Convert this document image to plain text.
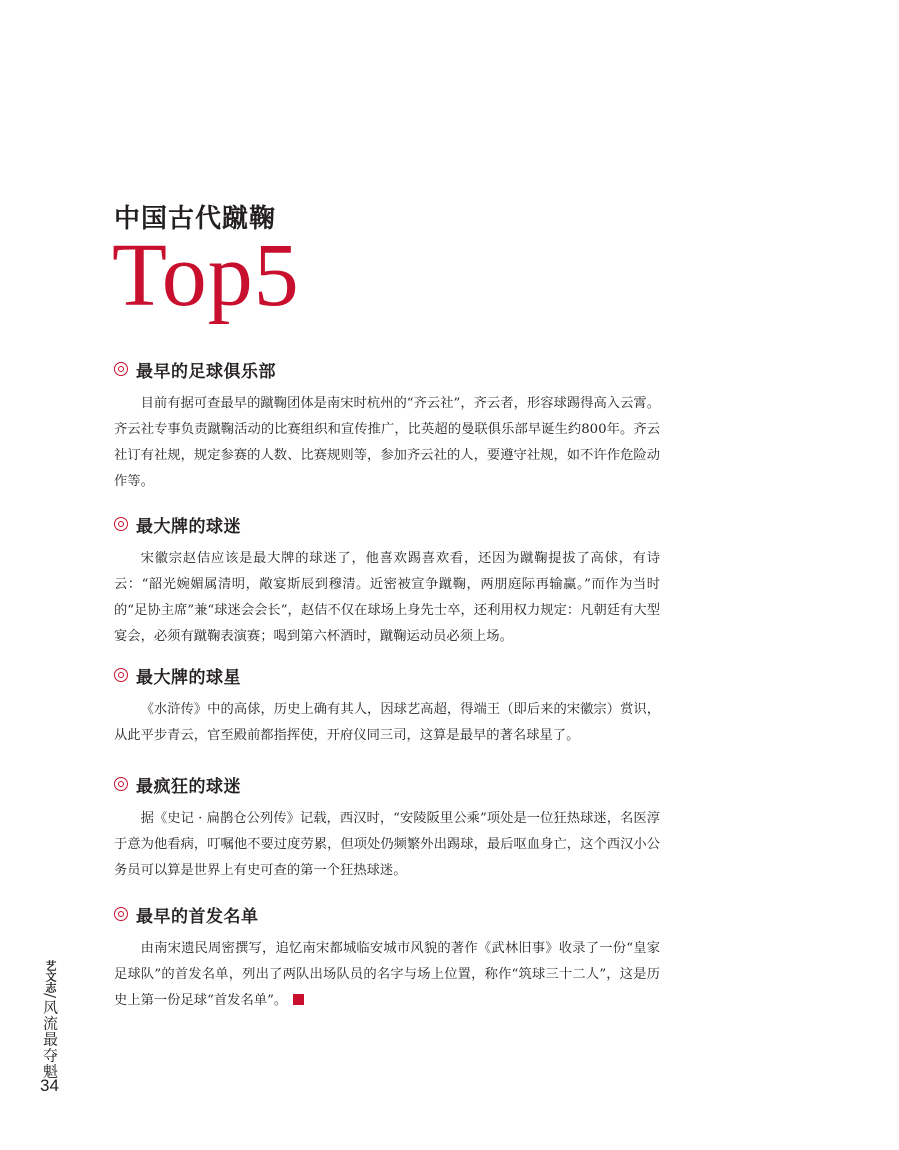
中国古代蹴鞠
Top5
最早的足球俱乐部
目前有据可查最早的蹴鞠团体是南宋时杭州的“齐云社”，齐云者，形容球踢得高入云霄。齐云社专事负责蹴鞠活动的比赛组织和宣传推广，比英超的曼联俱乐部早诞生约800年。齐云社订有社规，规定参赛的人数、比赛规则等，参加齐云社的人，要遵守社规，如不许作危险动作等。
最大牌的球迷
宋徽宗赵佶应该是最大牌的球迷了，他喜欢踢喜欢看，还因为蹴鞠提拔了高俅，有诗云：“韶光婉媚属清明，敞宴斯辰到穆清。近密被宣争蹴鞠，两朋庭际再输赢。”而作为当时的“足协主席”兼“球迷会会长”，赵佶不仅在球场上身先士卒，还利用权力规定：凡朝廷有大型宴会，必须有蹴鞠表演赛；喝到第六杯酒时，蹴鞠运动员必须上场。
最大牌的球星
《水浒传》中的高俅，历史上确有其人，因球艺高超，得端王（即后来的宋徽宗）赏识，从此平步青云，官至殿前都指挥使，开府仪同三司，这算是最早的著名球星了。
最疯狂的球迷
据《史记 · 扁鹊仓公列传》记载，西汉时，“安陵阪里公乘”项处是一位狂热球迷，名医淳于意为他看病，叮嘱他不要过度劳累，但项处仍频繁外出踢球，最后呕血身亡，这个西汉小公务员可以算是世界上有史可查的第一个狂热球迷。
最早的首发名单
由南宋遗民周密撰写，追忆南宋都城临安城市风貌的著作《武林旧事》收录了一份“皇家足球队”的首发名单，列出了两队出场队员的名字与场上位置，称作“筑球三十二人”，这是历史上第一份足球“首发名单”。
艺文志/风流最夺魁
34
